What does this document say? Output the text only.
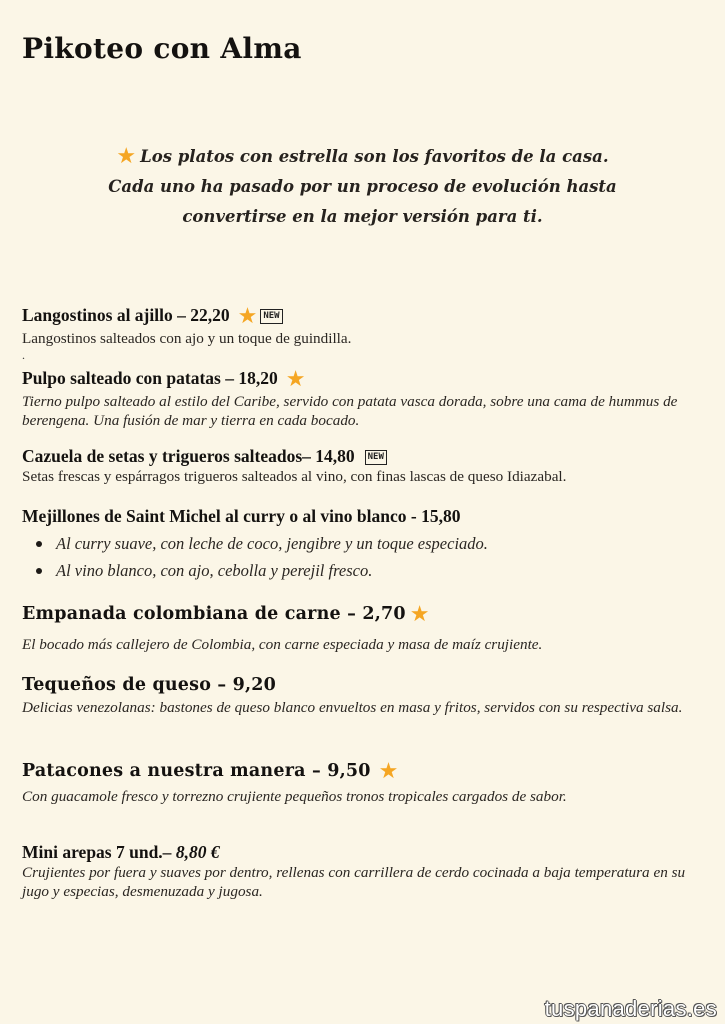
Pikoteo con Alma
★ Los platos con estrella son los favoritos de la casa.
Cada uno ha pasado por un proceso de evolución hasta
convertirse en la mejor versión para ti.
Langostinos al ajillo – 22,20 ★ NEW
Langostinos salteados con ajo y un toque de guindilla.
.
Pulpo salteado con patatas – 18,20 ★
Tierno pulpo salteado al estilo del Caribe, servido con patata vasca dorada, sobre una cama de hummus de berengena. Una fusión de mar y tierra en cada bocado.
Cazuela de setas y trigueros salteados– 14,80 NEW
Setas frescas y espárragos trigueros salteados al vino, con finas lascas de queso Idiazabal.
Mejillones de Saint Michel al curry o al vino blanco - 15,80
Al curry suave, con leche de coco, jengibre y un toque especiado.
Al vino blanco, con ajo, cebolla y perejil fresco.
Empanada colombiana de carne – 2,70 ★
El bocado más callejero de Colombia, con carne especiada y masa de maíz crujiente.
Tequeños de queso – 9,20
Delicias venezolanas: bastones de queso blanco envueltos en masa y fritos, servidos con su respectiva salsa.
Patacones a nuestra manera – 9,50 ★
Con guacamole fresco y torrezno crujiente pequeños tronos tropicales cargados de sabor.
Mini arepas 7 und.– 8,80 €
Crujientes por fuera y suaves por dentro, rellenas con carrillera de cerdo cocinada a baja temperatura en su jugo y especias, desmenuzada y jugosa.
tuspanaderias.es
